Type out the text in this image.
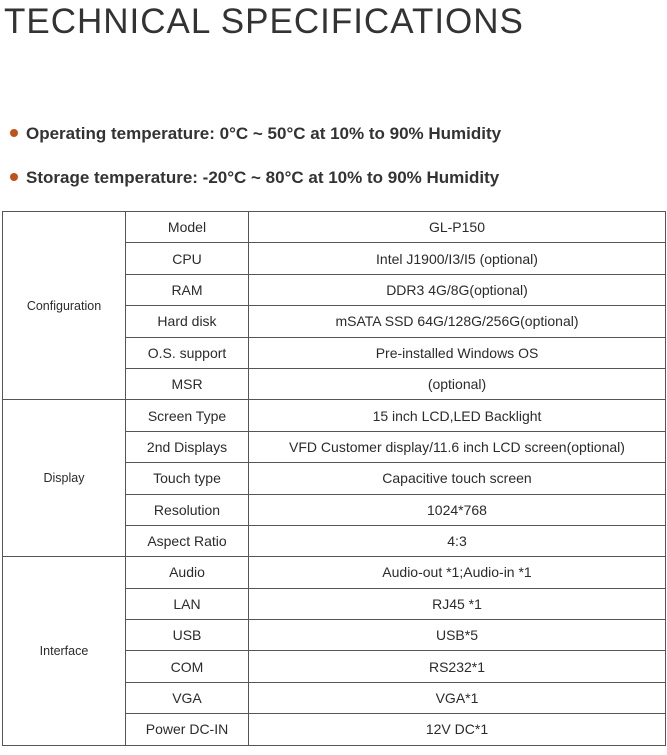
TECHNICAL SPECIFICATIONS
Operating temperature: 0°C ~ 50°C at 10% to 90% Humidity
Storage temperature: -20°C ~ 80°C at 10% to 90% Humidity
Configuration	Model	GL-P150
	CPU	Intel J1900/I3/I5 (optional)
	RAM	DDR3 4G/8G(optional)
	Hard disk	mSATA SSD 64G/128G/256G(optional)
	O.S. support	Pre-installed Windows OS
	MSR	(optional)
Display	Screen Type	15 inch LCD,LED Backlight
	2nd Displays	VFD Customer display/11.6 inch LCD screen(optional)
	Touch type	Capacitive touch screen
	Resolution	1024*768
	Aspect Ratio	4:3
Interface	Audio	Audio-out *1;Audio-in *1
	LAN	RJ45 *1
	USB	USB*5
	COM	RS232*1
	VGA	VGA*1
	Power DC-IN	12V DC*1
